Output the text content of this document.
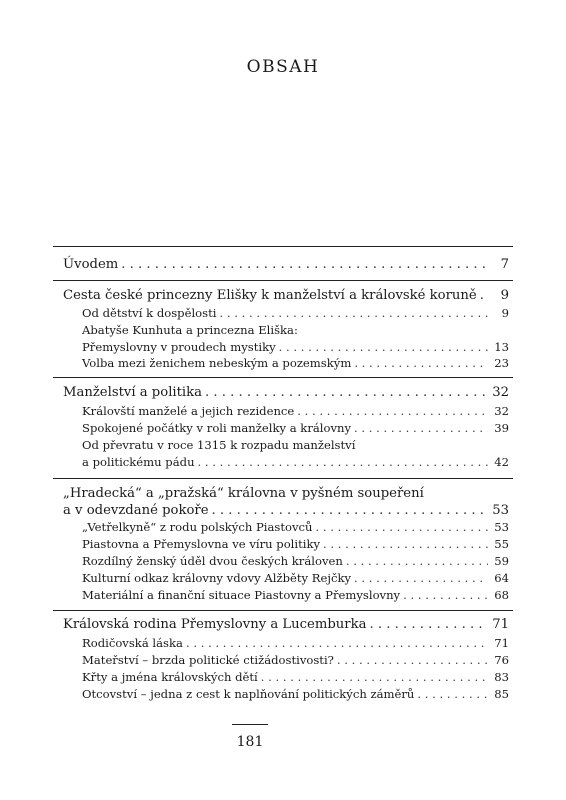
OBSAH
Úvodem . . .	7
Cesta české princezny Elišky k manželství a královské koruně . . .	9
Od dětství k dospělosti . . .	9
Abatyše Kunhuta a princezna Eliška:
Přemyslovny v proudech mystiky . . .	13
Volba mezi ženichem nebeským a pozemským . . .	23
Manželství a politika . . .	32
Královští manželé a jejich rezidence . . .	32
Spokojené počátky v roli manželky a královny . . .	39
Od převratu v roce 1315 k rozpadu manželství
a politickému pádu . . .	42
„Hradecká“ a „pražská“ královna v pyšném soupeření
a v odevzdané pokoře . . .	53
„Vetřelkyně“ z rodu polských Piastovců . . .	53
Piastovna a Přemyslovna ve víru politiky . . .	55
Rozdílný ženský úděl dvou českých královen . . .	59
Kulturní odkaz královny vdovy Alžběty Rejčky . . .	64
Materiální a finanční situace Piastovny a Přemyslovny . . .	68
Královská rodina Přemyslovny a Lucemburka . . .	71
Rodičovská láska . . .	71
Mateřství – brzda politické ctižádostivosti? . . .	76
Křty a jména královských dětí . . .	83
Otcovství – jedna z cest k naplňování politických záměrů . . .	85
181
